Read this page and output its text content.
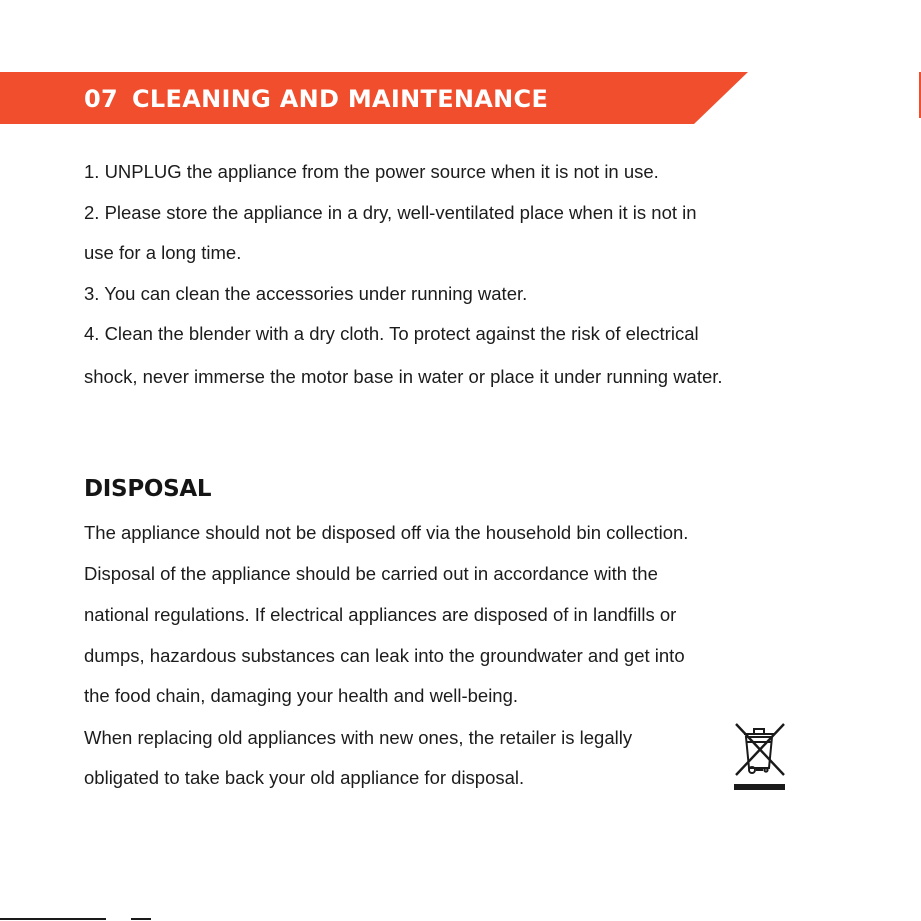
07 CLEANING AND MAINTENANCE
1. UNPLUG the appliance from the power source when it is not in use.
2. Please store the appliance in a dry, well-ventilated place when it is not in
use for a long time.
3. You can clean the accessories under running water.
4. Clean the blender with a dry cloth. To protect against the risk of electrical
shock, never immerse the motor base in water or place it under running water.
DISPOSAL
The appliance should not be disposed off via the household bin collection.
Disposal of the appliance should be carried out in accordance with the
national regulations. If electrical appliances are disposed of in landfills or
dumps, hazardous substances can leak into the groundwater and get into
the food chain, damaging your health and well-being.
When replacing old appliances with new ones, the retailer is legally
obligated to take back your old appliance for disposal.
